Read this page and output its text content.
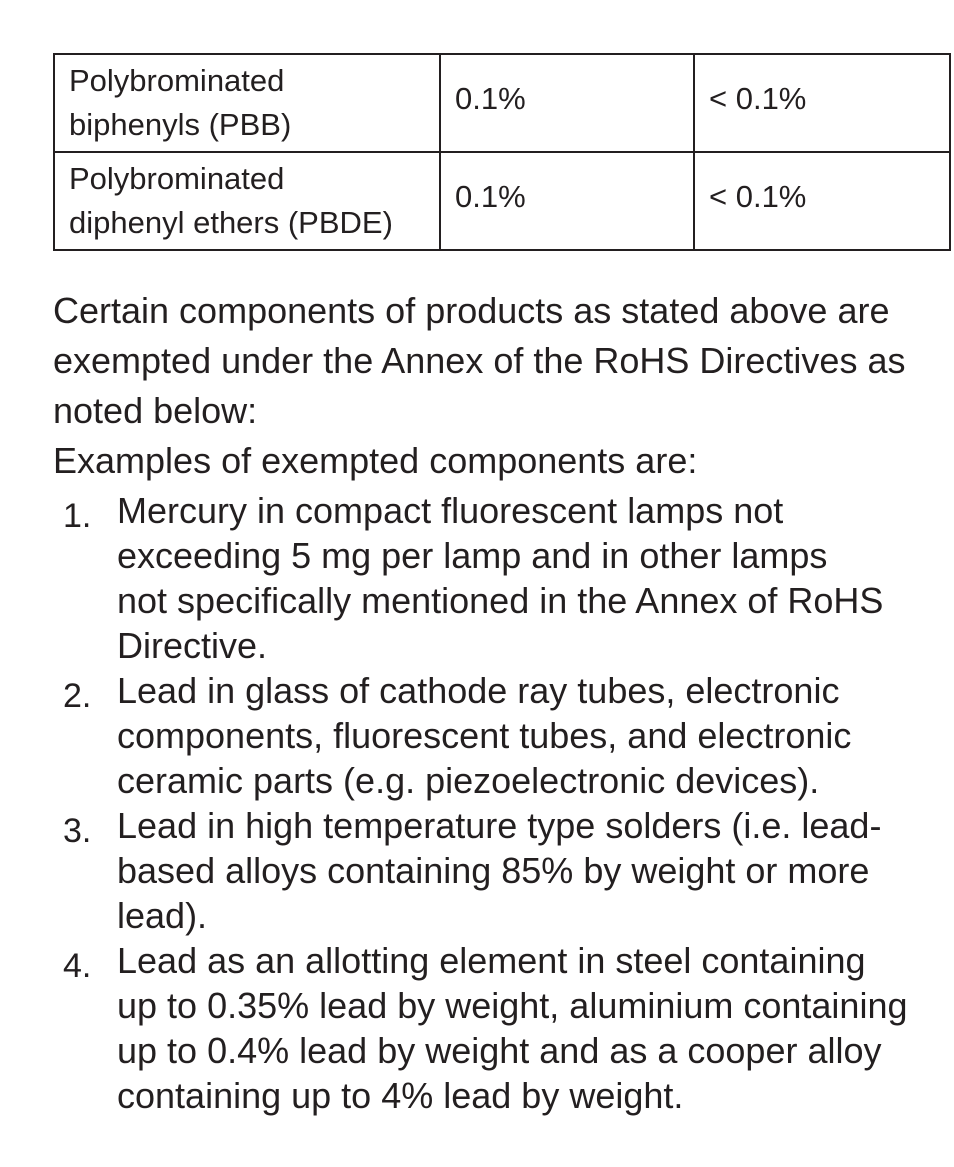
Polybrominated
biphenyls (PBB)	0.1%	< 0.1%

Polybrominated
diphenyl ethers (PBDE)	0.1%	< 0.1%

Certain components of products as stated above are
exempted under the Annex of the RoHS Directives as
noted below:

Examples of exempted components are:

1. Mercury in compact fluorescent lamps not
exceeding 5 mg per lamp and in other lamps
not specifically mentioned in the Annex of RoHS
Directive.
2. Lead in glass of cathode ray tubes, electronic
components, fluorescent tubes, and electronic
ceramic parts (e.g. piezoelectronic devices).
3. Lead in high temperature type solders (i.e. lead-
based alloys containing 85% by weight or more
lead).
4. Lead as an allotting element in steel containing
up to 0.35% lead by weight, aluminium containing
up to 0.4% lead by weight and as a cooper alloy
containing up to 4% lead by weight.
